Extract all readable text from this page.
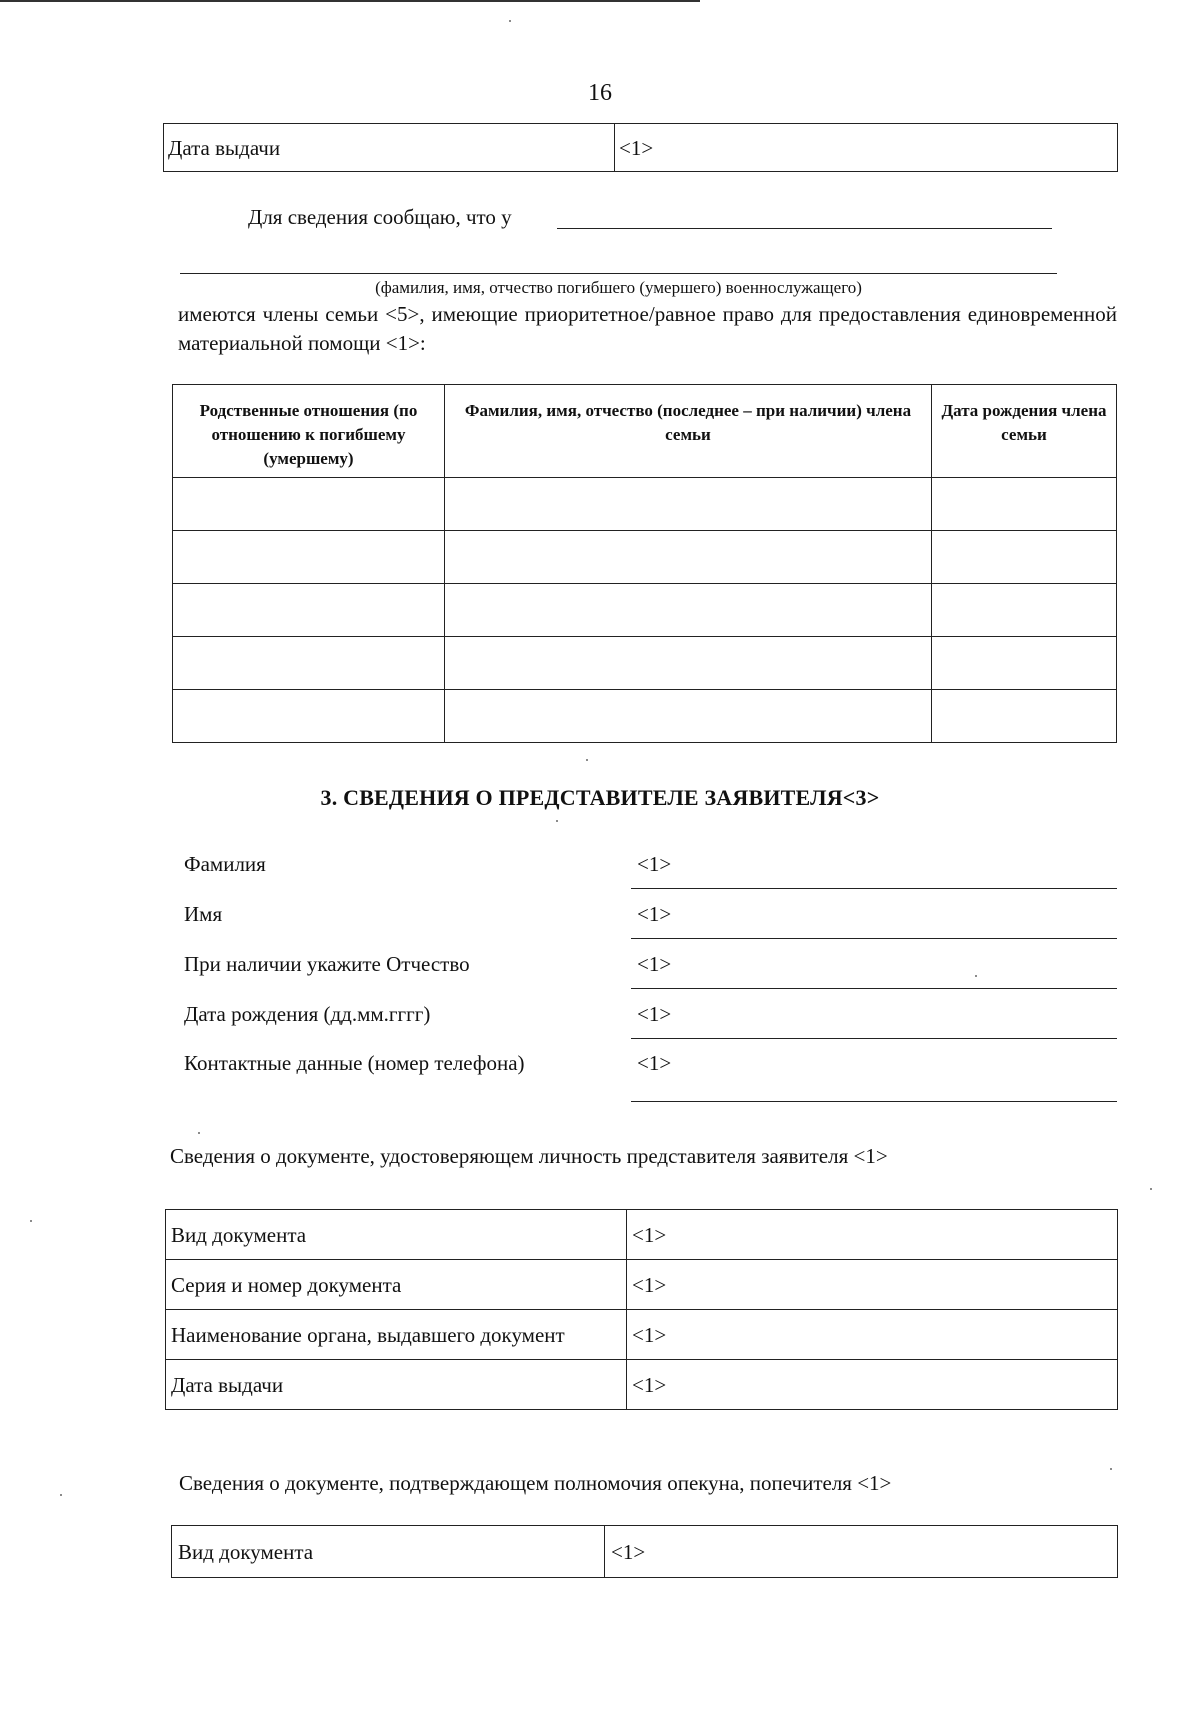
16
Дата выдачи	<1>
Для сведения сообщаю, что у
(фамилия, имя, отчество погибшего (умершего) военнослужащего)
имеются члены семьи <5>, имеющие приоритетное/равное право для предоставления единовременной материальной помощи <1>:
Родственные отношения (по отношению к погибшему (умершему)	Фамилия, имя, отчество (последнее – при наличии) члена семьи	Дата рождения члена семьи

3. СВЕДЕНИЯ О ПРЕДСТАВИТЕЛЕ ЗАЯВИТЕЛЯ<3>
Фамилия	<1>
Имя	<1>
При наличии укажите Отчество	<1>
Дата рождения (дд.мм.гггг)	<1>
Контактные данные (номер телефона)	<1>
Сведения о документе, удостоверяющем личность представителя заявителя <1>
Вид документа	<1>
Серия и номер документа	<1>
Наименование органа, выдавшего документ	<1>
Дата выдачи	<1>
Сведения о документе, подтверждающем полномочия опекуна, попечителя <1>
Вид документа	<1>
